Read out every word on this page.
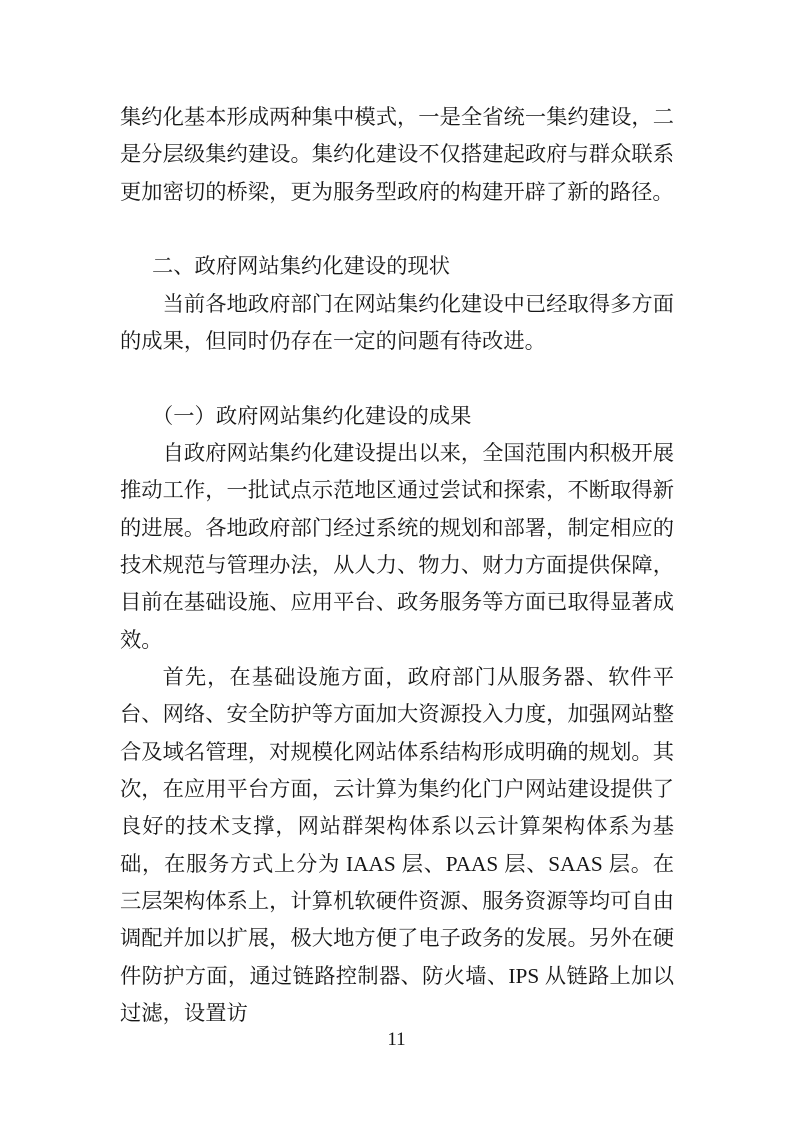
集约化基本形成两种集中模式，一是全省统一集约建设，二是分层级集约建设。集约化建设不仅搭建起政府与群众联系更加密切的桥梁，更为服务型政府的构建开辟了新的路径。

二、政府网站集约化建设的现状

当前各地政府部门在网站集约化建设中已经取得多方面的成果，但同时仍存在一定的问题有待改进。

（一）政府网站集约化建设的成果

自政府网站集约化建设提出以来，全国范围内积极开展推动工作，一批试点示范地区通过尝试和探索，不断取得新的进展。各地政府部门经过系统的规划和部署，制定相应的技术规范与管理办法，从人力、物力、财力方面提供保障，目前在基础设施、应用平台、政务服务等方面已取得显著成效。

首先，在基础设施方面，政府部门从服务器、软件平台、网络、安全防护等方面加大资源投入力度，加强网站整合及域名管理，对规模化网站体系结构形成明确的规划。其次，在应用平台方面，云计算为集约化门户网站建设提供了良好的技术支撑，网站群架构体系以云计算架构体系为基础，在服务方式上分为 IAAS 层、PAAS 层、SAAS 层。在三层架构体系上，计算机软硬件资源、服务资源等均可自由调配并加以扩展，极大地方便了电子政务的发展。另外在硬件防护方面，通过链路控制器、防火墙、IPS 从链路上加以过滤，设置访

11
